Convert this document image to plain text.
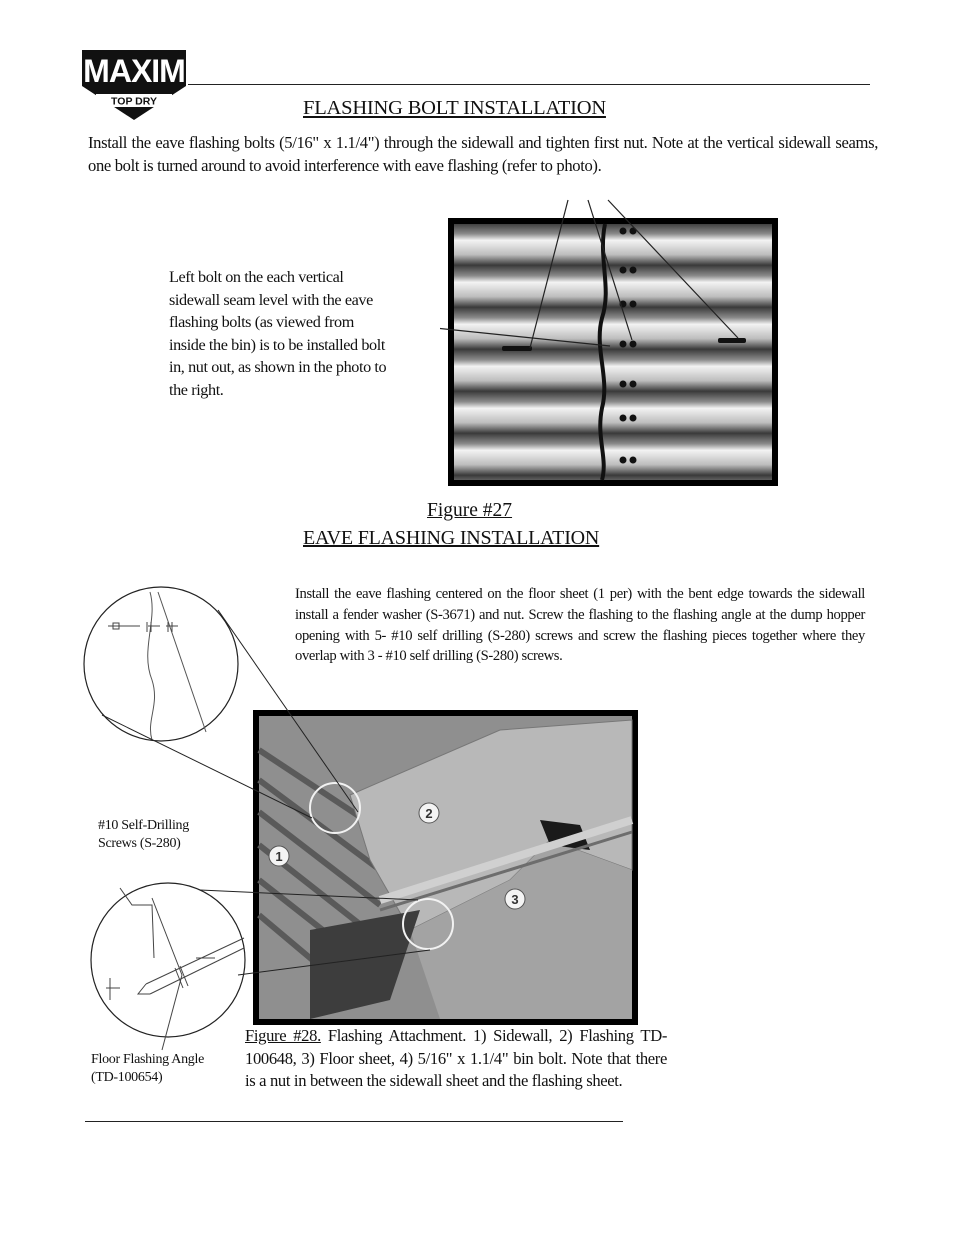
MAXIM
TOP DRY	FLASHING BOLT INSTALLATION
Install the eave flashing bolts (5/16" x 1.1/4") through the sidewall and tighten first nut. Note at the vertical sidewall seams, one bolt is turned around to avoid interference with eave flashing (refer to photo).
Left bolt on the each vertical
sidewall seam level with the eave
flashing bolts (as viewed from
inside the bin) is to be installed bolt
in, nut out, as shown in the photo to
the right.
Figure #27
EAVE FLASHING INSTALLATION
Install the eave flashing centered on the floor sheet (1 per) with the bent edge towards the sidewall install a fender washer (S-3671) and nut. Screw the flashing to the flashing angle at the dump hopper opening with 5- #10 self drilling (S-280) screws and screw the flashing pieces together where they overlap with 3 - #10 self drilling (S-280) screws.
1
2
3
#10 Self-Drilling
Screws (S-280)
Floor Flashing Angle
(TD-100654)
Figure #28. Flashing Attachment. 1) Sidewall, 2) Flashing TD-100648, 3) Floor sheet, 4) 5/16" x 1.1/4" bin bolt. Note that there is a nut in between the sidewall sheet and the flashing sheet.
